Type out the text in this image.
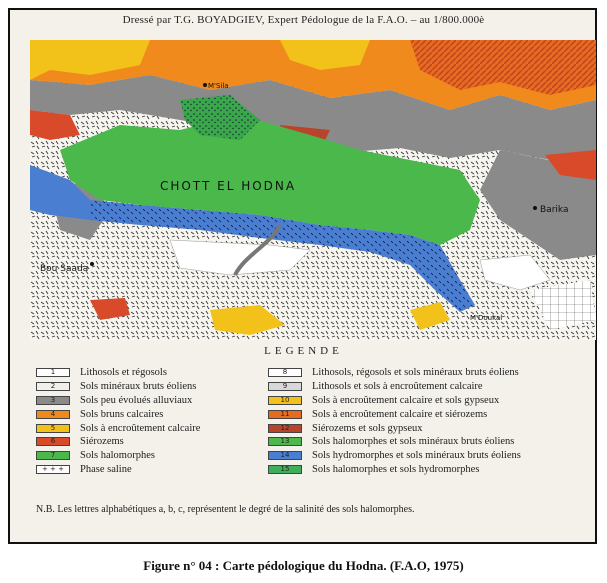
Dressé par T.G. BOYADGIEV, Expert Pédologue de la F.A.O. – au 1/800.000è
CHOTT EL HODNA
Barika
Bou Saada
M'Sila
M'Doukal
LEGENDE
1	Lithosols et régosols
2	Sols minéraux bruts éoliens
3	Sols peu évolués alluviaux
4	Sols bruns calcaires
5	Sols à encroûtement calcaire
6	Siérozems
7	Sols halomorphes
+ + +	Phase saline
8	Lithosols, régosols et sols minéraux bruts éoliens
9	Lithosols et sols à encroûtement calcaire
10	Sols à encroûtement calcaire et sols gypseux
11	Sols à encroûtement calcaire et siérozems
12	Siérozems et sols gypseux
13	Sols halomorphes et sols minéraux bruts éoliens
14	Sols hydromorphes et sols minéraux bruts éoliens
15	Sols halomorphes et sols hydromorphes
N.B. Les lettres alphabétiques a, b, c, représentent le degré de la salinité des sols halomorphes.
Figure n° 04 : Carte pédologique du Hodna. (F.A.O, 1975)
